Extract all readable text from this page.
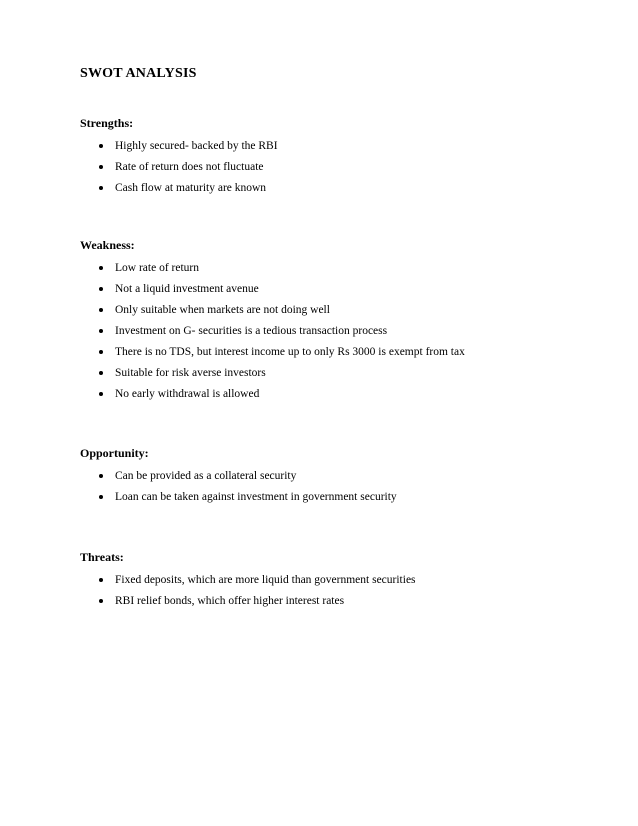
SWOT ANALYSIS
Strengths:
Highly secured- backed by the RBI
Rate of return does not fluctuate
Cash flow at maturity are known
Weakness:
Low rate of return
Not a liquid investment avenue
Only suitable when markets are not doing well
Investment on G- securities is a tedious transaction process
There is no TDS, but interest income up to only Rs 3000 is exempt from tax
Suitable for risk averse investors
No early withdrawal is allowed
Opportunity:
Can be provided as a collateral security
Loan can be taken against investment in government security
Threats:
Fixed deposits, which are more liquid than government securities
RBI relief bonds, which offer higher interest rates
